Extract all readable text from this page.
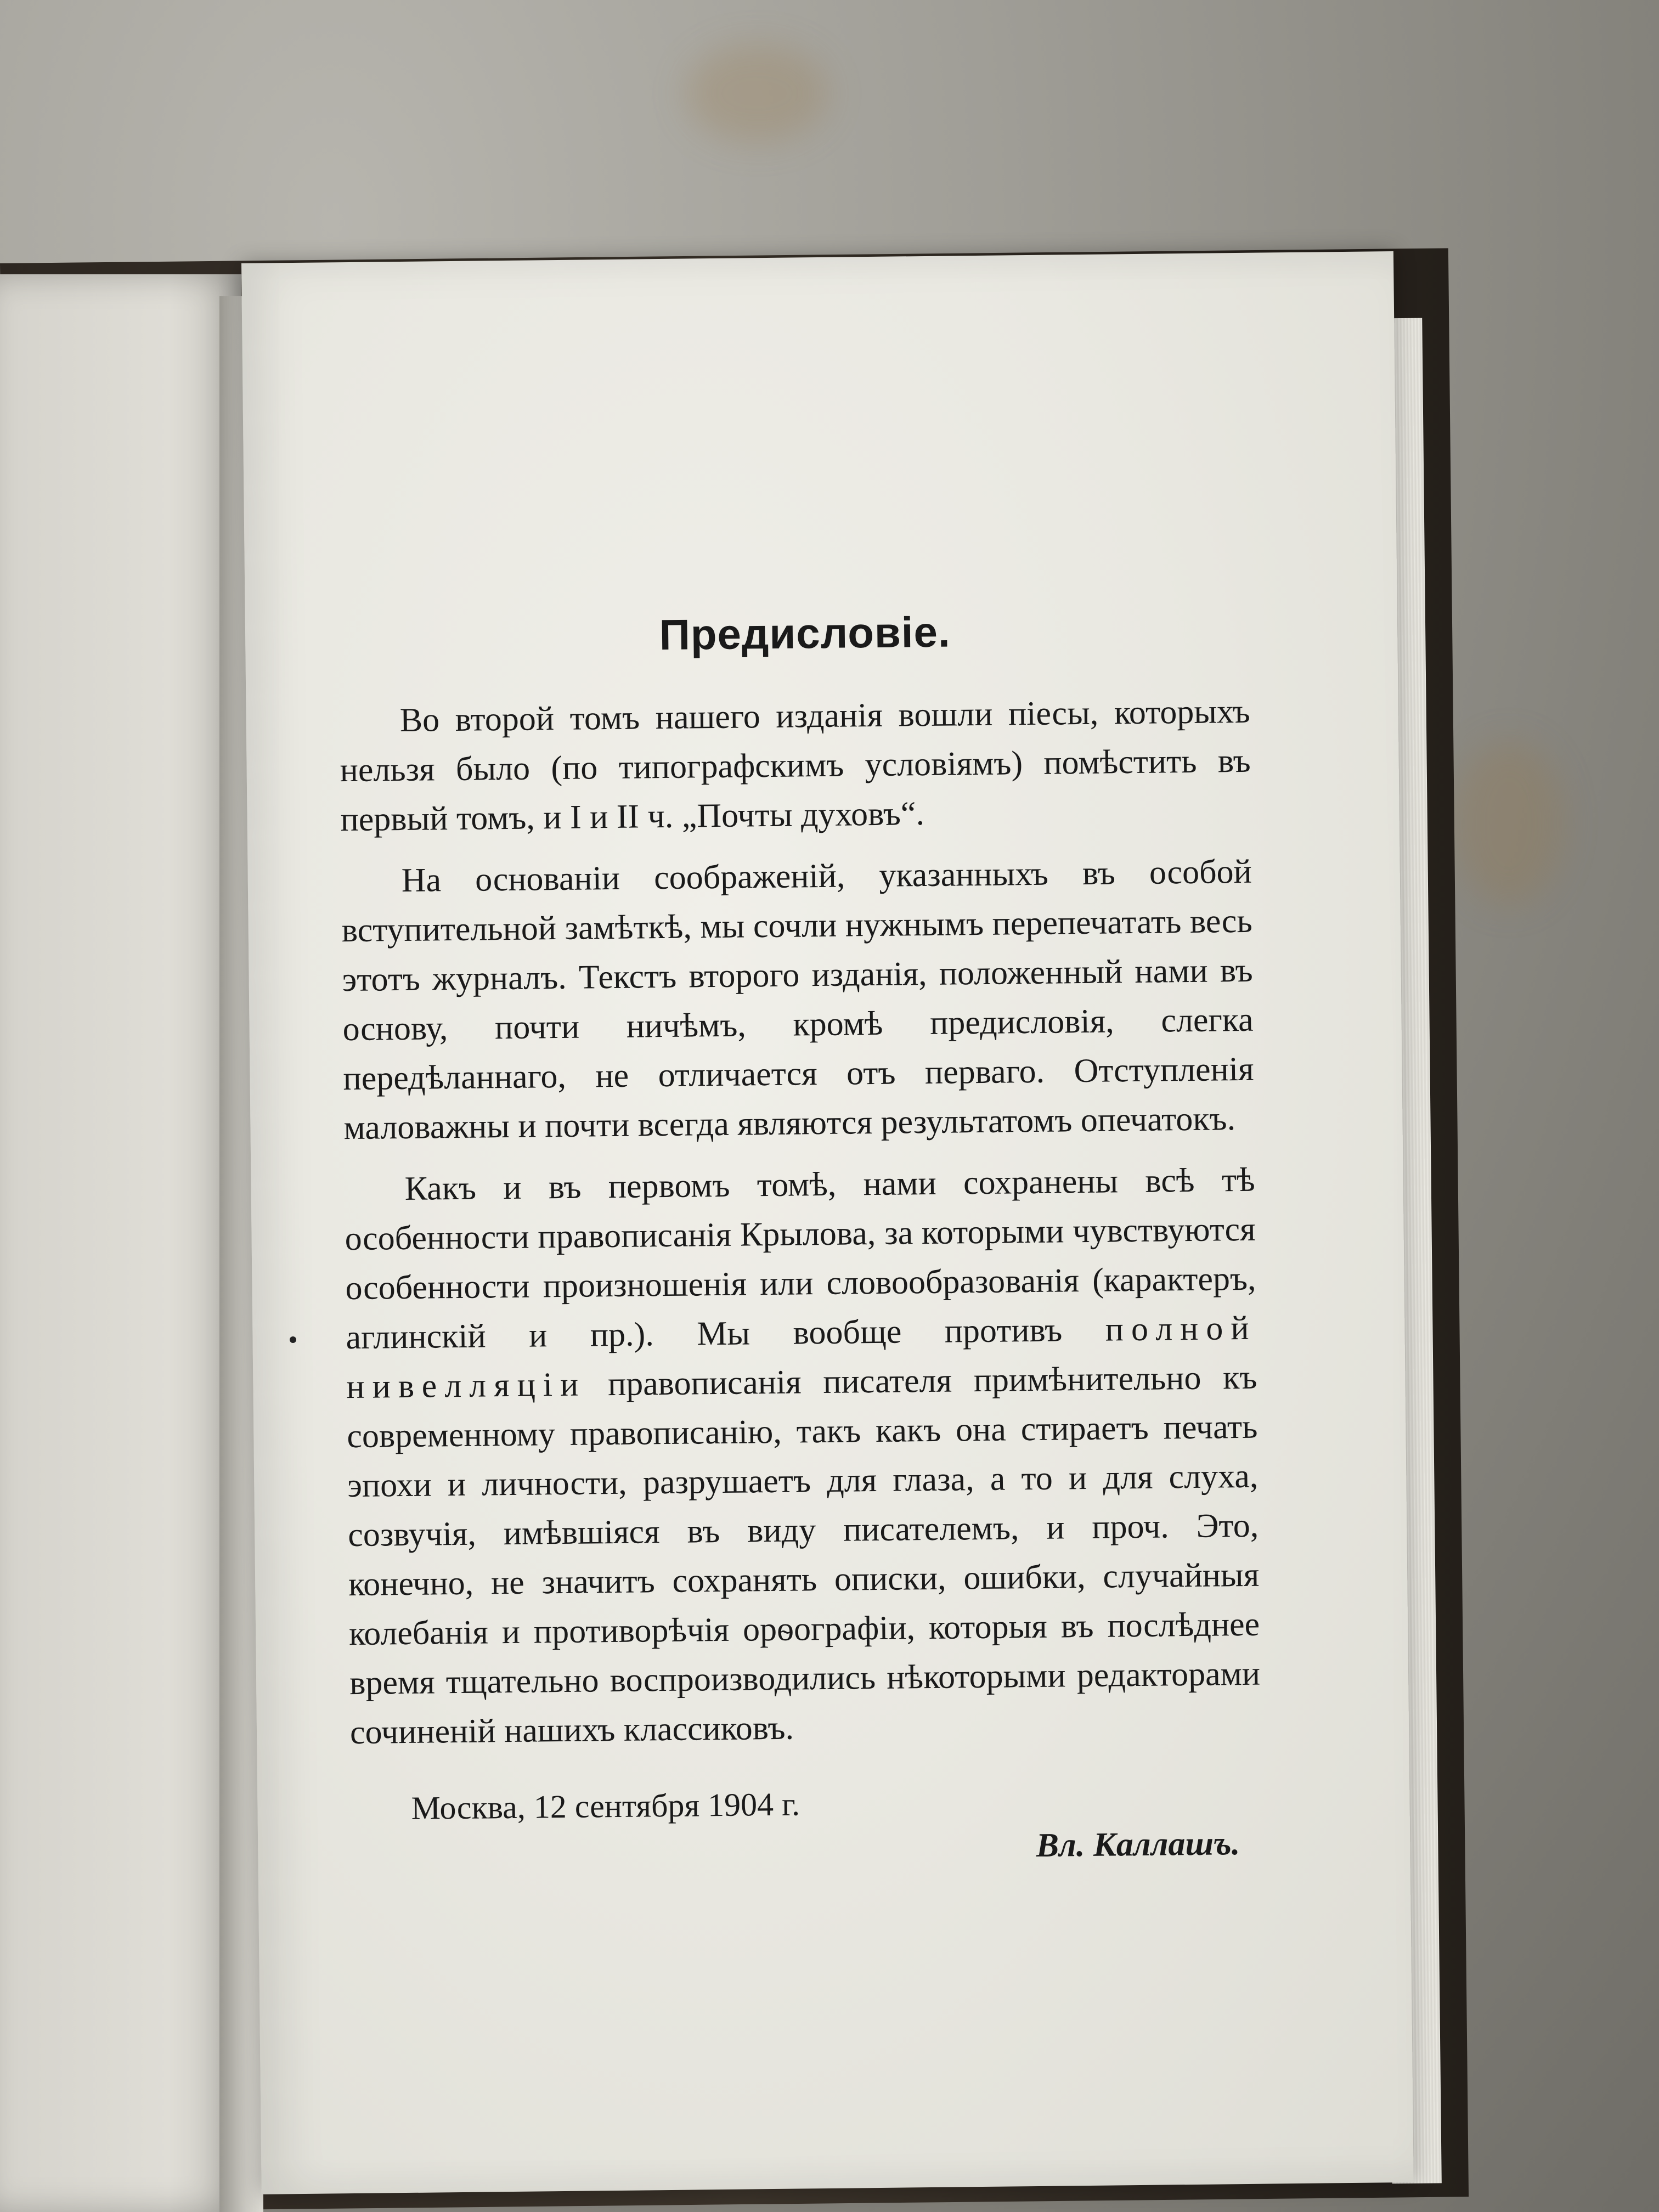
​
Предисловіе.

Во второй томъ нашего изданія вошли піесы, которыхъ нельзя было (по типографскимъ условіямъ) помѣстить въ первый томъ, и I и II ч. „Почты духовъ“.

На основаніи соображеній, указанныхъ въ особой вступительной замѣткѣ, мы сочли нужнымъ перепечатать весь этотъ журналъ. Текстъ второго изданія, положенный нами въ основу, почти ничѣмъ, кромѣ предисловія, слегка передѣланнаго, не отличается отъ перваго. Отступленія маловажны и почти всегда являются результатомъ опечатокъ.

Какъ и въ первомъ томѣ, нами сохранены всѣ тѣ особенности правописанія Крылова, за которыми чувствуются особенности произношенія или словообразованія (карактеръ, аглинскій и пр.). Мы вообще противъ полной нивелляціи правописанія писателя примѣнительно къ современному правописанію, такъ какъ она стираетъ печать эпохи и личности, разрушаетъ для глаза, а то и для слуха, созвучія, имѣвшіяся въ виду писателемъ, и проч. Это, конечно, не значитъ сохранять описки, ошибки, случайныя колебанія и противорѣчія орѳографіи, которыя въ послѣднее время тщательно воспроизводились нѣкоторыми редакторами сочиненій нашихъ классиковъ.

Москва, 12 сентября 1904 г.
Вл. Каллашъ.
